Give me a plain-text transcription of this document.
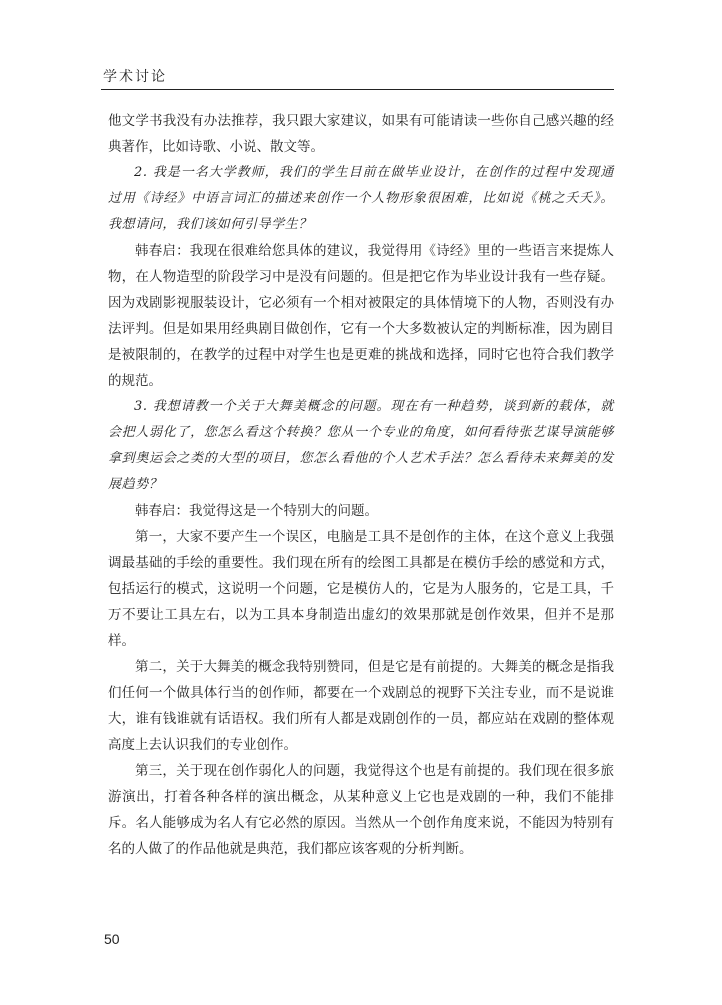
学术讨论

他文学书我没有办法推荐，我只跟大家建议，如果有可能请读一些你自己感兴趣的经典著作，比如诗歌、小说、散文等。

2. 我是一名大学教师，我们的学生目前在做毕业设计，在创作的过程中发现通过用《诗经》中语言词汇的描述来创作一个人物形象很困难，比如说《桃之夭夭》。我想请问，我们该如何引导学生？

韩春启：我现在很难给您具体的建议，我觉得用《诗经》里的一些语言来提炼人物，在人物造型的阶段学习中是没有问题的。但是把它作为毕业设计我有一些存疑。因为戏剧影视服装设计，它必须有一个相对被限定的具体情境下的人物，否则没有办法评判。但是如果用经典剧目做创作，它有一个大多数被认定的判断标准，因为剧目是被限制的，在教学的过程中对学生也是更难的挑战和选择，同时它也符合我们教学的规范。

3. 我想请教一个关于大舞美概念的问题。现在有一种趋势，谈到新的载体，就会把人弱化了，您怎么看这个转换？您从一个专业的角度，如何看待张艺谋导演能够拿到奥运会之类的大型的项目，您怎么看他的个人艺术手法？怎么看待未来舞美的发展趋势？

韩春启：我觉得这是一个特别大的问题。

第一，大家不要产生一个误区，电脑是工具不是创作的主体，在这个意义上我强调最基础的手绘的重要性。我们现在所有的绘图工具都是在模仿手绘的感觉和方式，包括运行的模式，这说明一个问题，它是模仿人的，它是为人服务的，它是工具，千万不要让工具左右，以为工具本身制造出虚幻的效果那就是创作效果，但并不是那样。

第二，关于大舞美的概念我特别赞同，但是它是有前提的。大舞美的概念是指我们任何一个做具体行当的创作师，都要在一个戏剧总的视野下关注专业，而不是说谁大，谁有钱谁就有话语权。我们所有人都是戏剧创作的一员，都应站在戏剧的整体观高度上去认识我们的专业创作。

第三，关于现在创作弱化人的问题，我觉得这个也是有前提的。我们现在很多旅游演出，打着各种各样的演出概念，从某种意义上它也是戏剧的一种，我们不能排斥。名人能够成为名人有它必然的原因。当然从一个创作角度来说，不能因为特别有名的人做了的作品他就是典范，我们都应该客观的分析判断。

50
